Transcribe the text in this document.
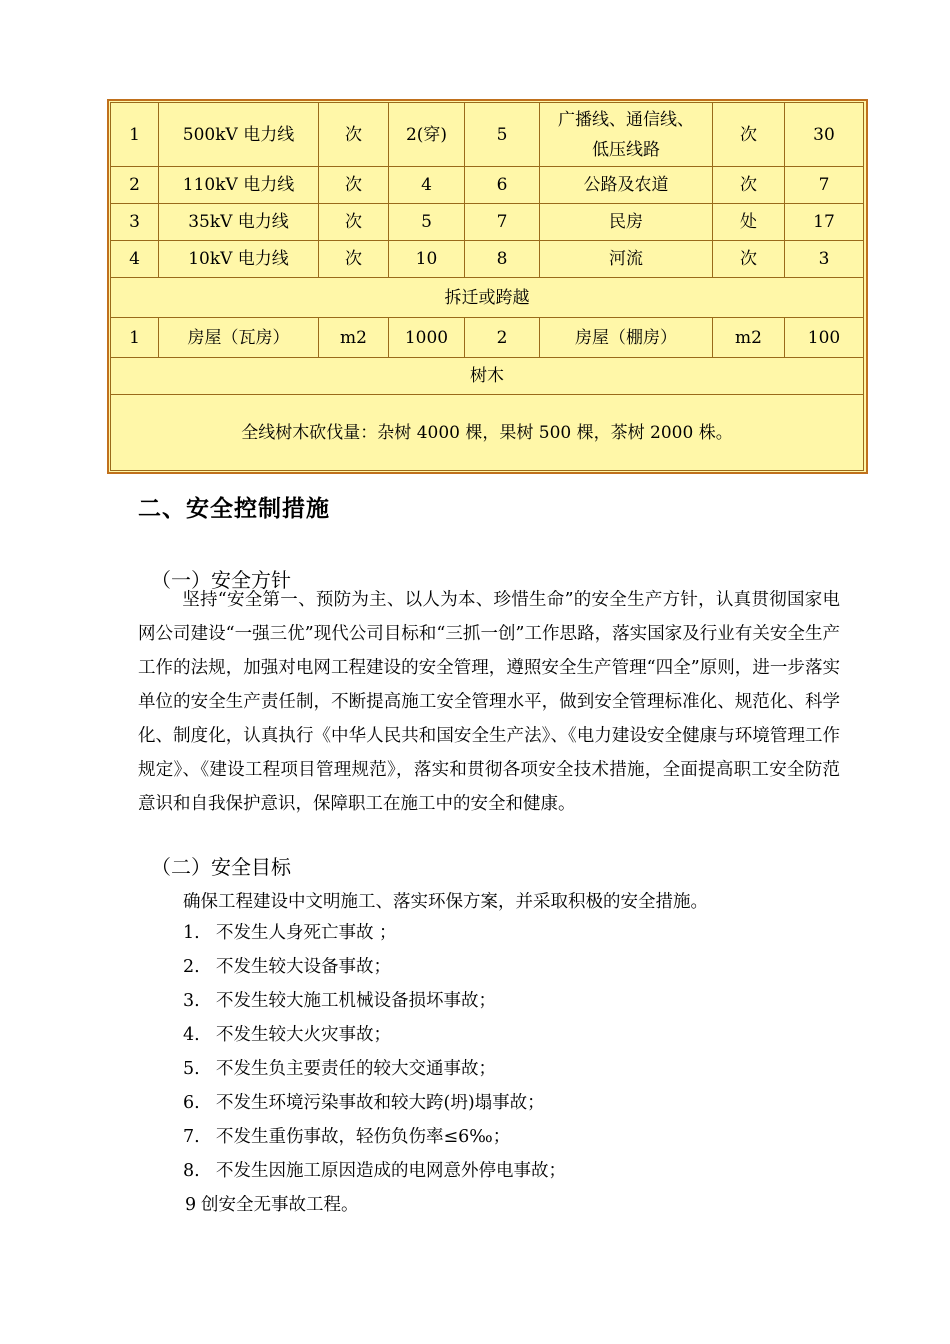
1	500kV 电力线	次	2(穿)	5	广播线、通信线、
低压线路	次	30
2	110kV 电力线	次	4	6	公路及农道	次	7
3	35kV 电力线	次	5	7	民房	处	17
4	10kV 电力线	次	10	8	河流	次	3
拆迁或跨越							
1	房屋（瓦房）	m2	1000	2	房屋（棚房）	m2	100
树木							
全线树木砍伐量：杂树 4000 棵，果树 500 棵，茶树 2000 株。							
二、安全控制措施
（一）安全方针
坚持“安全第一、预防为主、以人为本、珍惜生命”的安全生产方针，认真贯彻国家电网公司建设“一强三优”现代公司目标和“三抓一创”工作思路，落实国家及行业有关安全生产工作的法规，加强对电网工程建设的安全管理，遵照安全生产管理“四全”原则，进一步落实单位的安全生产责任制，不断提高施工安全管理水平，做到安全管理标准化、规范化、科学化、制度化，认真执行《中华人民共和国安全生产法》、《电力建设安全健康与环境管理工作规定》、《建设工程项目管理规范》，落实和贯彻各项安全技术措施，全面提高职工安全防范意识和自我保护意识，保障职工在施工中的安全和健康。
（二）安全目标
确保工程建设中文明施工、落实环保方案，并采取积极的安全措施。
1. 不发生人身死亡事故 ；
2. 不发生较大设备事故；
3. 不发生较大施工机械设备损坏事故；
4. 不发生较大火灾事故；
5. 不发生负主要责任的较大交通事故；
6. 不发生环境污染事故和较大跨(坍)塌事故；
7. 不发生重伤事故，轻伤负伤率≤6‰；
8. 不发生因施工原因造成的电网意外停电事故；
9 创安全无事故工程。
